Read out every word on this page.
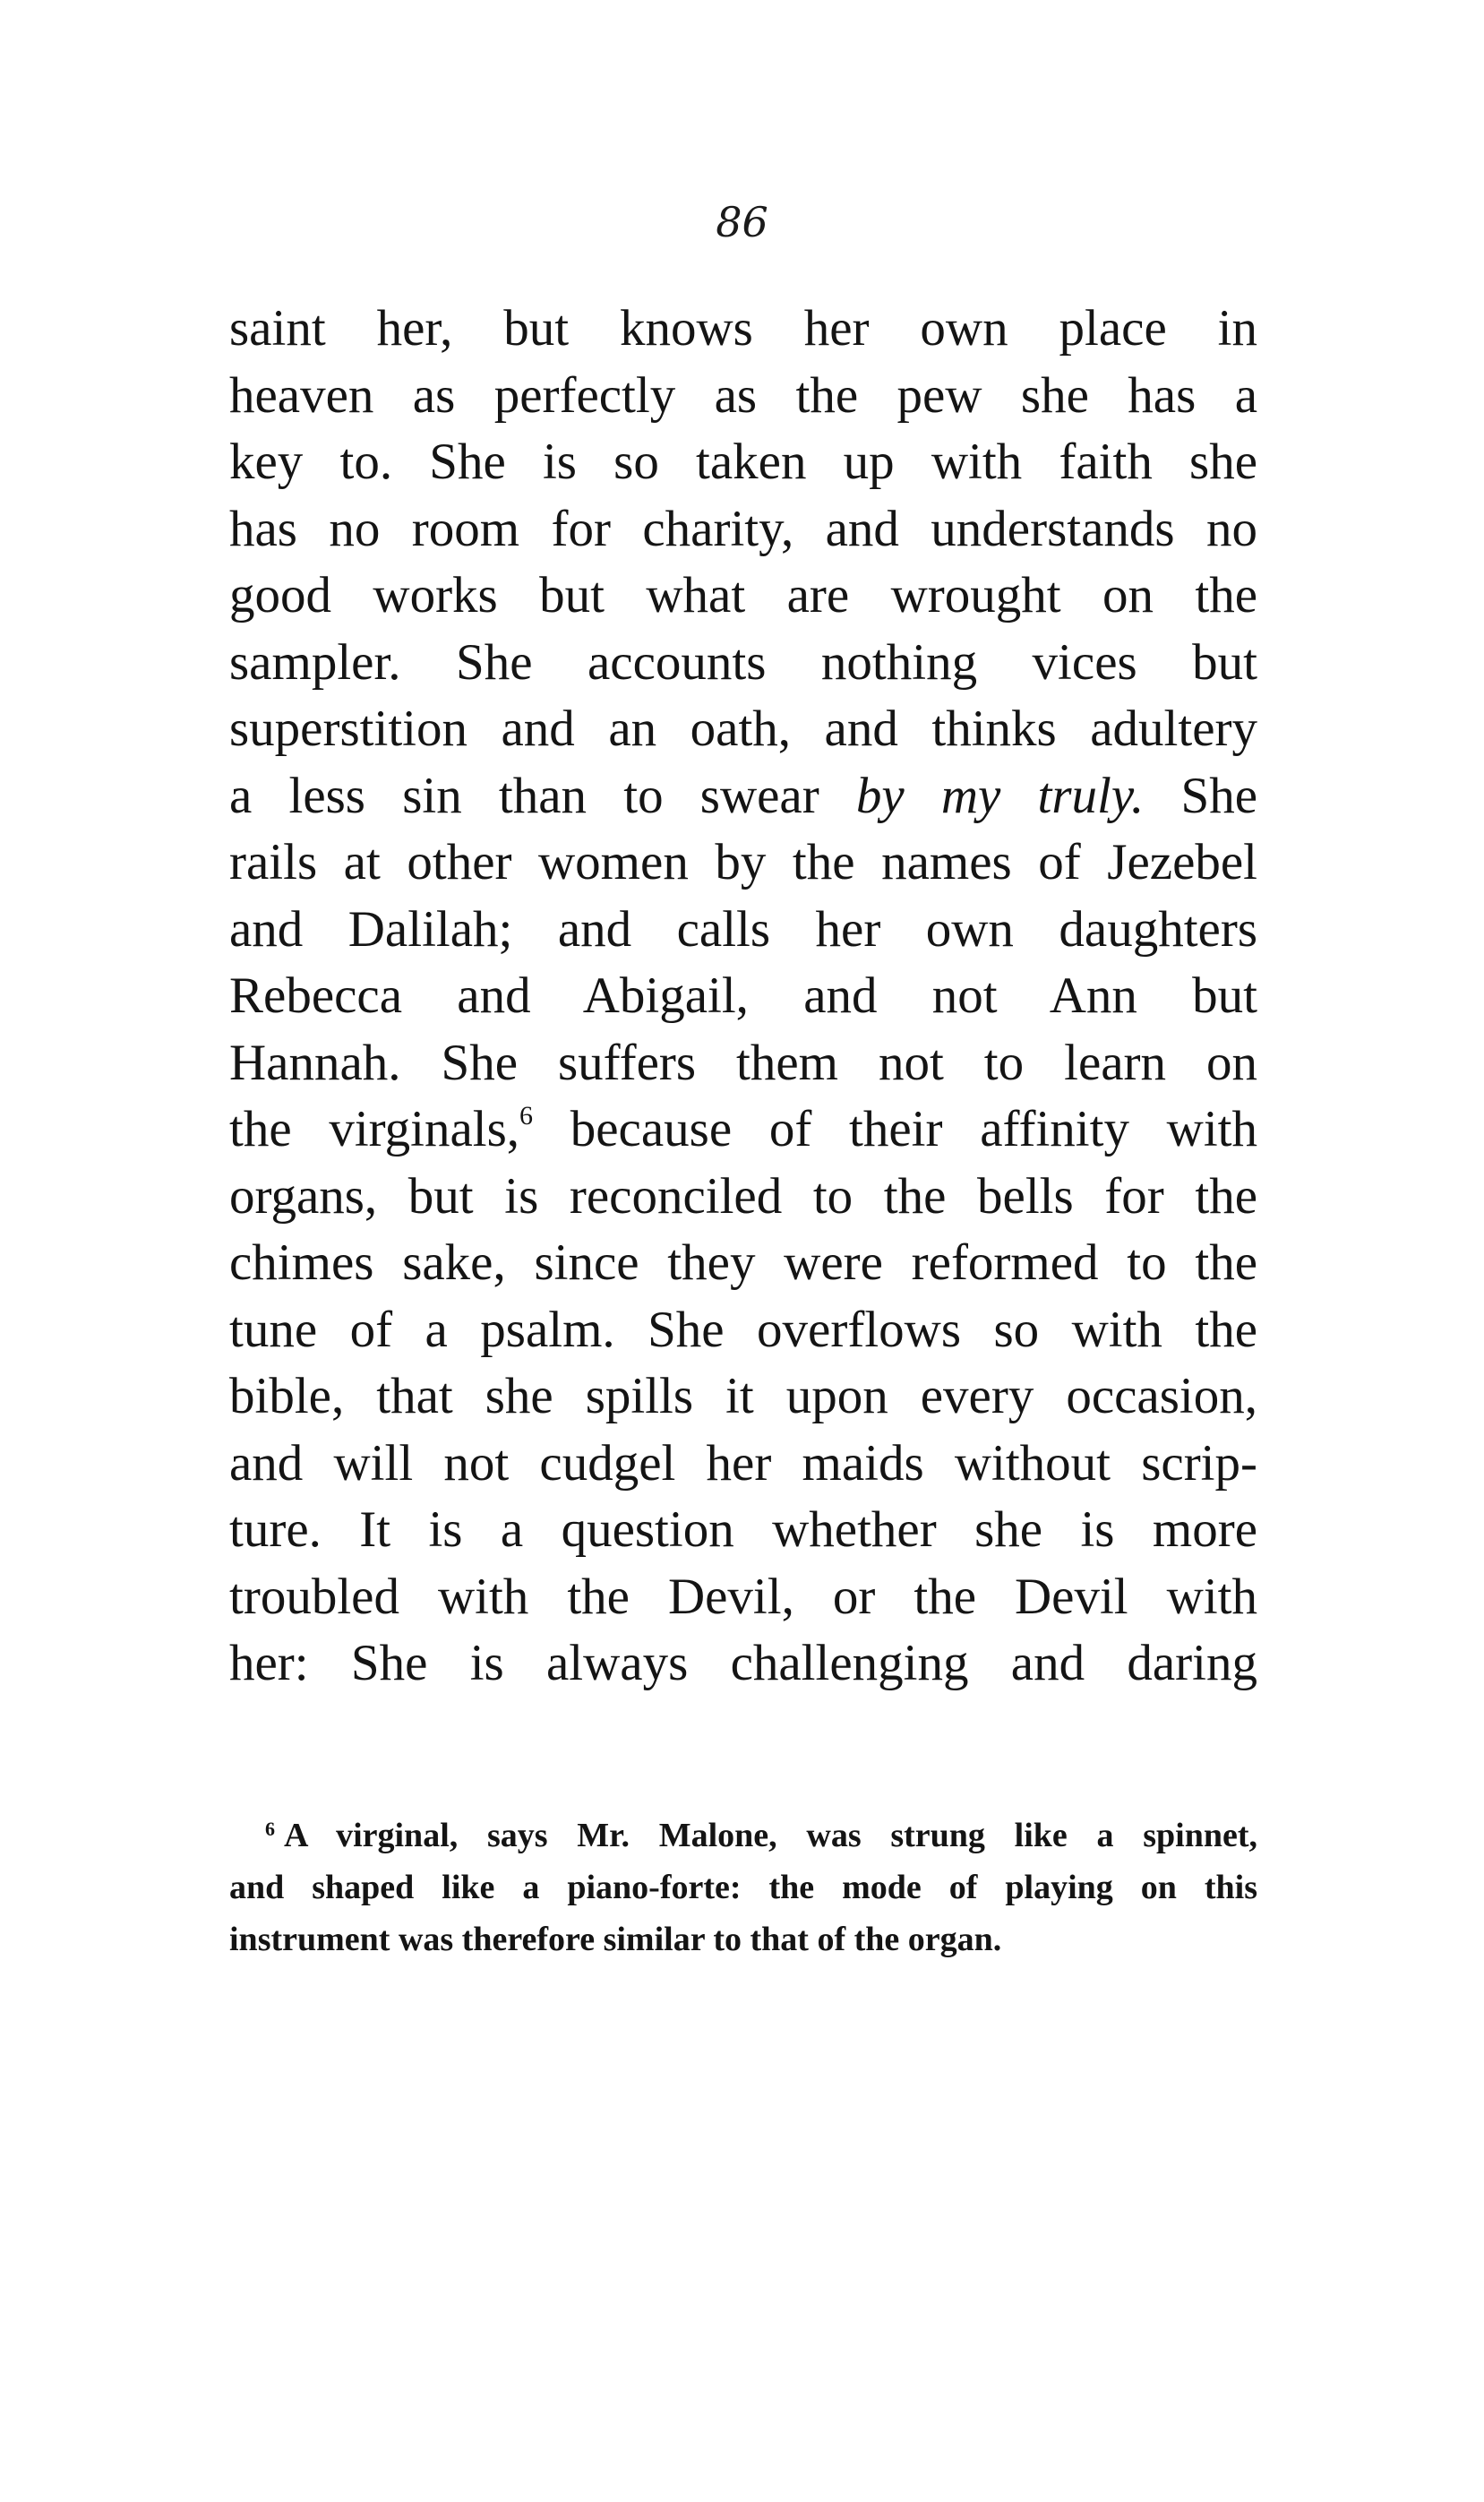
86
saint her, but knows her own place in
heaven as perfectly as the pew she has a
key to. She is so taken up with faith she
has no room for charity, and understands no
good works but what are wrought on the
sampler. She accounts nothing vices but
superstition and an oath, and thinks adultery
a less sin than to swear by my truly. She
rails at other women by the names of Jezebel
and Dalilah; and calls her own daughters
Rebecca and Abigail, and not Ann but
Hannah. She suffers them not to learn on
the virginals,$^6$ because of their affinity with
organs, but is reconciled to the bells for the
chimes sake, since they were reformed to the
tune of a psalm. She overflows so with the
bible, that she spills it upon every occasion,
and will not cudgel her maids without scrip-
ture. It is a question whether she is more
troubled with the Devil, or the Devil with
her: She is always challenging and daring
$^6$ A virginal, says Mr. Malone, was strung like a spinnet,
and shaped like a piano-forte: the mode of playing on this
instrument was therefore similar to that of the organ.
